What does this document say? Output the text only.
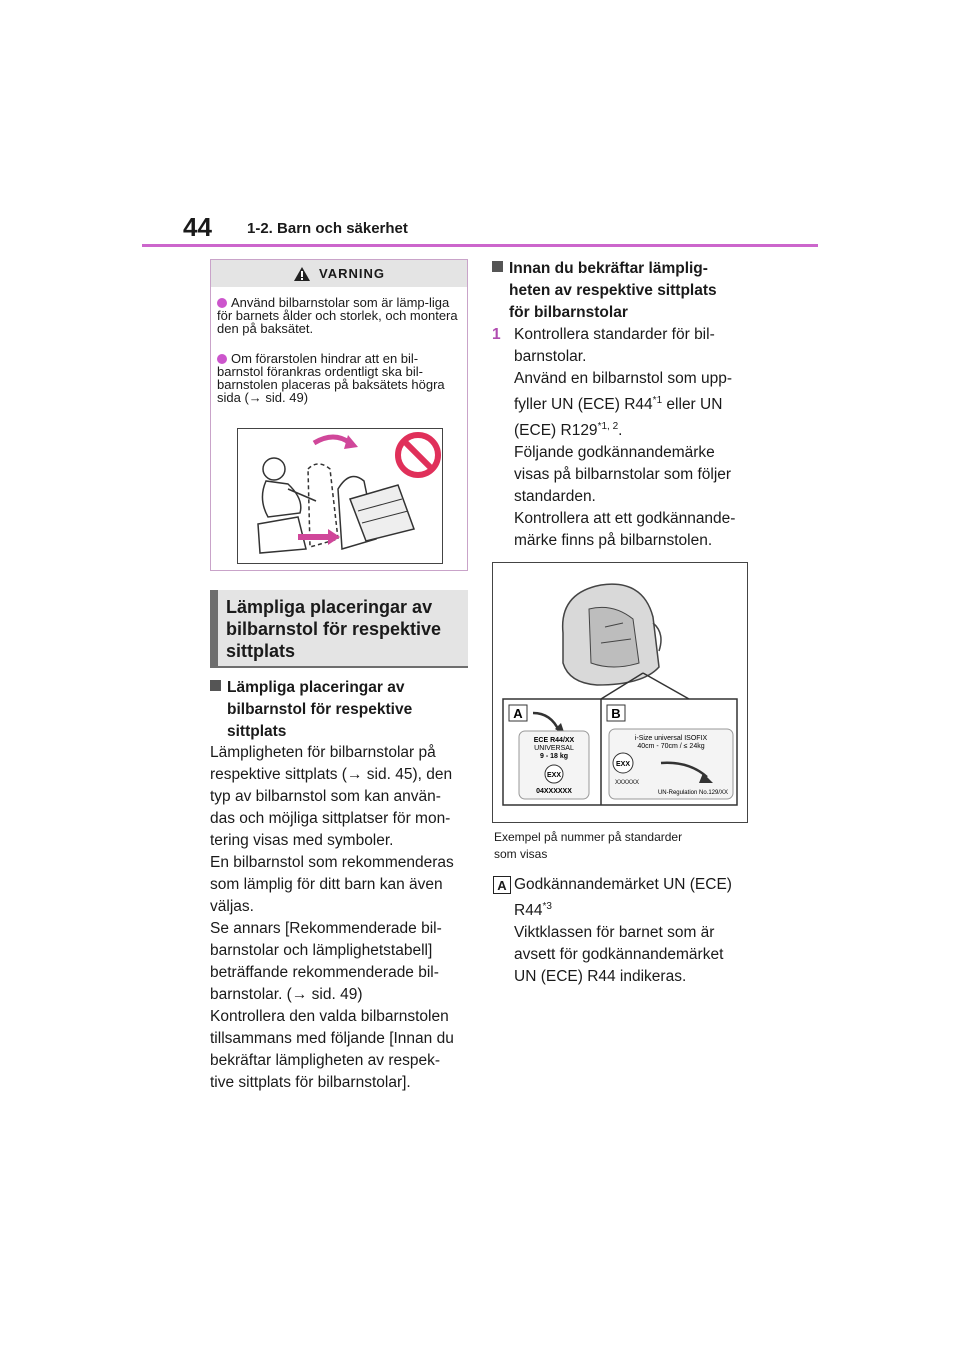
44 1-2. Barn och säkerhet
VARNING
Använd bilbarnstolar som är lämp-liga för barnets ålder och storlek, och montera den på baksätet.
Om förarstolen hindrar att en bil-barnstol förankras ordentligt ska bil-barnstolen placeras på baksätets högra sida (→ sid. 49)
Lämpliga placeringar av
bilbarnstol för respektive
sittplats
Lämpliga placeringar av
bilbarnstol för respektive
sittplats

Lämpligheten för bilbarnstolar på

respektive sittplats (→ sid. 45), den

typ av bilbarnstol som kan använ-

das och möjliga sittplatser för mon-

tering visas med symboler.

En bilbarnstol som rekommenderas

som lämplig för ditt barn kan även

väljas.

Se annars [Rekommenderade bil-

barnstolar och lämplighetstabell]

beträffande rekommenderade bil-

barnstolar. (→ sid. 49)

Kontrollera den valda bilbarnstolen

tillsammans med följande [Innan du

bekräftar lämpligheten av respek-

tive sittplats för bilbarnstolar].

Innan du bekräftar lämplig-
heten av respektive sittplats
för bilbarnstolar
1 Kontrollera standarder för bil-

barnstolar.

Använd en bilbarnstol som upp-

fyller UN (ECE) R44$^{*1}$ eller UN

(ECE) R129$^{*1, 2}$.

Följande godkännandemärke

visas på bilbarnstolar som följer

standarden.

Kontrollera att ett godkännande-

märke finns på bilbarnstolen.

A	B
ECE R44/XX
UNIVERSAL
9 - 18 kg
EXX
04XXXXXX
i-Size universal ISOFIX
40cm - 70cm / ≤ 24kg
EXX
XXXXXX
UN-Regulation No.129/XX
Exempel på nummer på standarder
som visas
A Godkännandemärket UN (ECE)

R44$^{*3}$

Viktklassen för barnet som är

avsett för godkännandemärket

UN (ECE) R44 indikeras.
